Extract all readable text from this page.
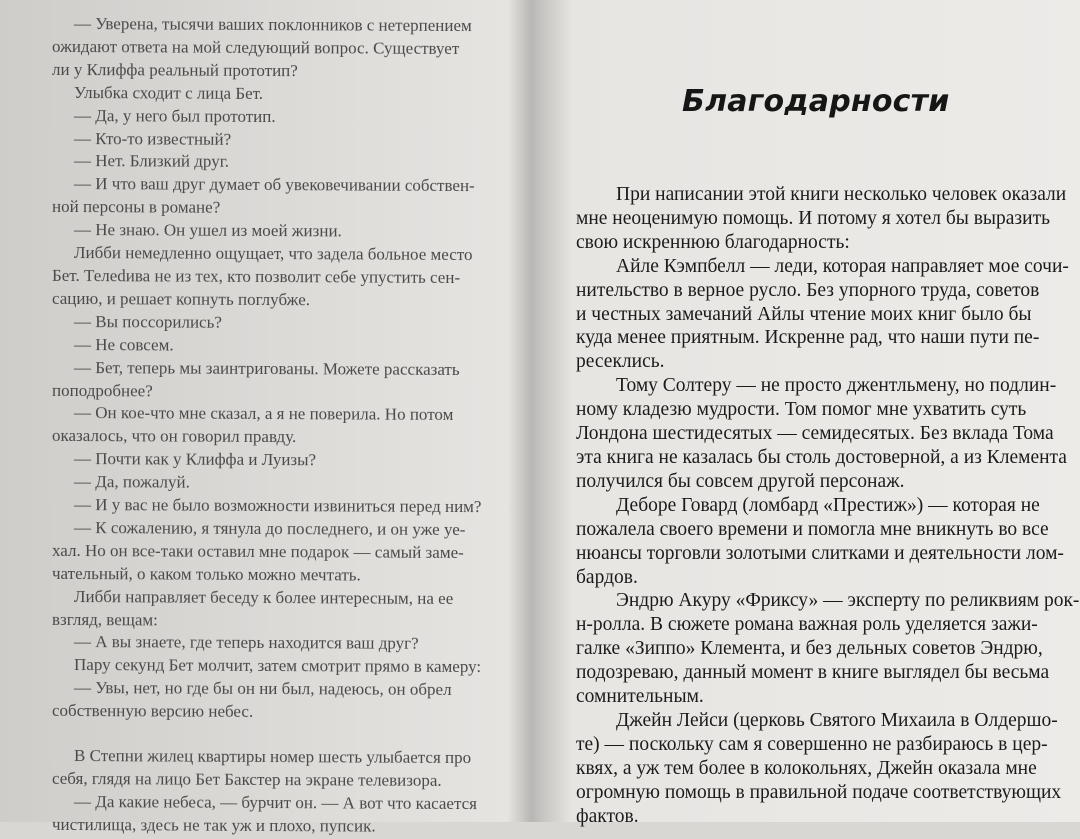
— Уверена, тысячи ваших поклонников с нетерпением
ожидают ответа на мой следующий вопрос. Существует
ли у Клиффа реальный прототип?
Улыбка сходит с лица Бет.
— Да, у него был прототип.
— Кто-то известный?
— Нет. Близкий друг.
— И что ваш друг думает об увековечивании собствен-
ной персоны в романе?
— Не знаю. Он ушел из моей жизни.
Либби немедленно ощущает, что задела больное место
Бет. Телеdива не из тех, кто позволит себе упустить сен-
сацию, и решает копнуть поглубже.
— Вы поссорились?
— Не совсем.
— Бет, теперь мы заинтригованы. Можете рассказать
поподробнее?
— Он кое-что мне сказал, а я не поверила. Но потом
оказалось, что он говорил правду.
— Почти как у Клиффа и Луизы?
— Да, пожалуй.
— И у вас не было возможности извиниться перед ним?
— К сожалению, я тянула до последнего, и он уже уе-
хал. Но он все-таки оставил мне подарок — самый заме-
чательный, о каком только можно мечтать.
Либби направляет беседу к более интересным, на ее
взгляд, вещам:
— А вы знаете, где теперь находится ваш друг?
Пару секунд Бет молчит, затем смотрит прямо в камеру:
— Увы, нет, но где бы он ни был, надеюсь, он обрел
собственную версию небес.
В Степни жилец квартиры номер шесть улыбается про
себя, глядя на лицо Бет Бакстер на экране телевизора.
— Да какие небеса, — бурчит он. — А вот что касается
чистилища, здесь не так уж и плохо, пупсик.
Благодарности
При написании этой книги несколько человек оказали
мне неоценимую помощь. И потому я хотел бы выразить
свою искреннюю благодарность:
Айле Кэмпбелл — леди, которая направляет мое сочи-
нительство в верное русло. Без упорного труда, советов
и честных замечаний Айлы чтение моих книг было бы
куда менее приятным. Искренне рад, что наши пути пе-
ресеклись.
Тому Солтеру — не просто джентльмену, но подлин-
ному кладезю мудрости. Том помог мне ухватить суть
Лондона шестидесятых — семидесятых. Без вклада Тома
эта книга не казалась бы столь достоверной, а из Клемента
получился бы совсем другой персонаж.
Деборе Говард (ломбард «Престиж») — которая не
пожалела своего времени и помогла мне вникнуть во все
нюансы торговли золотыми слитками и деятельности лом-
бардов.
Эндрю Акуру «Фриксу» — эксперту по реликвиям рок-
н-ролла. В сюжете романа важная роль уделяется зажи-
галке «Зиппо» Клемента, и без дельных советов Эндрю,
подозреваю, данный момент в книге выглядел бы весьма
сомнительным.
Джейн Лейси (церковь Святого Михаила в Олдершо-
те) — поскольку сам я совершенно не разбираюсь в цер-
квях, а уж тем более в колокольнях, Джейн оказала мне
огромную помощь в правильной подаче соответствующих
фактов.
